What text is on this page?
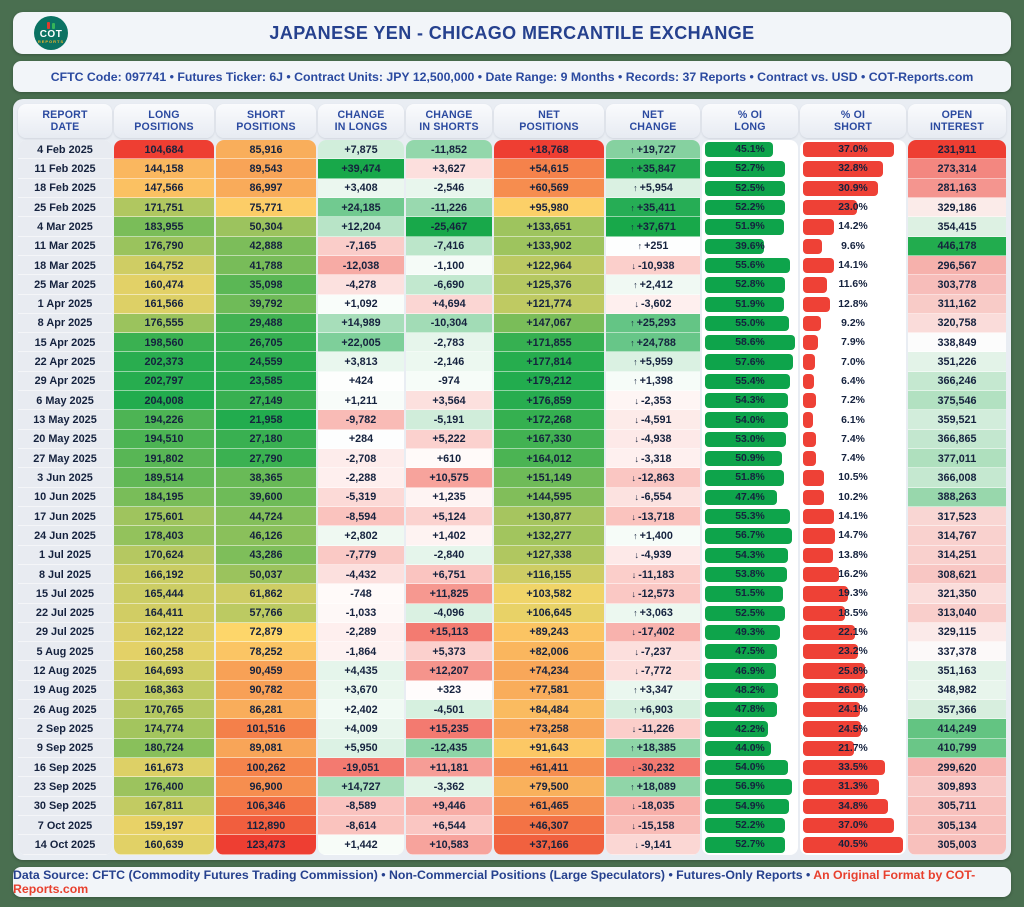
COT
REPORTS	JAPANESE YEN - CHICAGO MERCANTILE EXCHANGE
CFTC Code: 097741 • Futures Ticker: 6J • Contract Units: JPY 12,500,000 • Date Range: 9 Months • Records: 37 Reports • Contract vs. USD • COT-Reports.com
REPORT
DATE
4 Feb 2025
11 Feb 2025
18 Feb 2025
25 Feb 2025
4 Mar 2025
11 Mar 2025
18 Mar 2025
25 Mar 2025
1 Apr 2025
8 Apr 2025
15 Apr 2025
22 Apr 2025
29 Apr 2025
6 May 2025
13 May 2025
20 May 2025
27 May 2025
3 Jun 2025
10 Jun 2025
17 Jun 2025
24 Jun 2025
1 Jul 2025
8 Jul 2025
15 Jul 2025
22 Jul 2025
29 Jul 2025
5 Aug 2025
12 Aug 2025
19 Aug 2025
26 Aug 2025
2 Sep 2025
9 Sep 2025
16 Sep 2025
23 Sep 2025
30 Sep 2025
7 Oct 2025
14 Oct 2025
LONG
POSITIONS
104,684
144,158
147,566
171,751
183,955
176,790
164,752
160,474
161,566
176,555
198,560
202,373
202,797
204,008
194,226
194,510
191,802
189,514
184,195
175,601
178,403
170,624
166,192
165,444
164,411
162,122
160,258
164,693
168,363
170,765
174,774
180,724
161,673
176,400
167,811
159,197
160,639
SHORT
POSITIONS
85,916
89,543
86,997
75,771
50,304
42,888
41,788
35,098
39,792
29,488
26,705
24,559
23,585
27,149
21,958
27,180
27,790
38,365
39,600
44,724
46,126
43,286
50,037
61,862
57,766
72,879
78,252
90,459
90,782
86,281
101,516
89,081
100,262
96,900
106,346
112,890
123,473
CHANGE
IN LONGS
+7,875
+39,474
+3,408
+24,185
+12,204
-7,165
-12,038
-4,278
+1,092
+14,989
+22,005
+3,813
+424
+1,211
-9,782
+284
-2,708
-2,288
-5,319
-8,594
+2,802
-7,779
-4,432
-748
-1,033
-2,289
-1,864
+4,435
+3,670
+2,402
+4,009
+5,950
-19,051
+14,727
-8,589
-8,614
+1,442
CHANGE
IN SHORTS
-11,852
+3,627
-2,546
-11,226
-25,467
-7,416
-1,100
-6,690
+4,694
-10,304
-2,783
-2,146
-974
+3,564
-5,191
+5,222
+610
+10,575
+1,235
+5,124
+1,402
-2,840
+6,751
+11,825
-4,096
+15,113
+5,373
+12,207
+323
-4,501
+15,235
-12,435
+11,181
-3,362
+9,446
+6,544
+10,583
NET
POSITIONS
+18,768
+54,615
+60,569
+95,980
+133,651
+133,902
+122,964
+125,376
+121,774
+147,067
+171,855
+177,814
+179,212
+176,859
+172,268
+167,330
+164,012
+151,149
+144,595
+130,877
+132,277
+127,338
+116,155
+103,582
+106,645
+89,243
+82,006
+74,234
+77,581
+84,484
+73,258
+91,643
+61,411
+79,500
+61,465
+46,307
+37,166
NET
CHANGE
↑ +19,727
↑ +35,847
↑ +5,954
↑ +35,411
↑ +37,671
↑ +251
↓ -10,938
↑ +2,412
↓ -3,602
↑ +25,293
↑ +24,788
↑ +5,959
↑ +1,398
↓ -2,353
↓ -4,591
↓ -4,938
↓ -3,318
↓ -12,863
↓ -6,554
↓ -13,718
↑ +1,400
↓ -4,939
↓ -11,183
↓ -12,573
↑ +3,063
↓ -17,402
↓ -7,237
↓ -7,772
↑ +3,347
↑ +6,903
↓ -11,226
↑ +18,385
↓ -30,232
↑ +18,089
↓ -18,035
↓ -15,158
↓ -9,141
% OI
LONG
45.1%
52.7%
52.5%
52.2%
51.9%
39.6%
55.6%
52.8%
51.9%
55.0%
58.6%
57.6%
55.4%
54.3%
54.0%
53.0%
50.9%
51.8%
47.4%
55.3%
56.7%
54.3%
53.8%
51.5%
52.5%
49.3%
47.5%
46.9%
48.2%
47.8%
42.2%
44.0%
54.0%
56.9%
54.9%
52.2%
52.7%
% OI
SHORT
37.0%
32.8%
30.9%
23.0%
14.2%
9.6%
14.1%
11.6%
12.8%
9.2%
7.9%
7.0%
6.4%
7.2%
6.1%
7.4%
7.4%
10.5%
10.2%
14.1%
14.7%
13.8%
16.2%
19.3%
18.5%
22.1%
23.2%
25.8%
26.0%
24.1%
24.5%
21.7%
33.5%
31.3%
34.8%
37.0%
40.5%
OPEN
INTEREST
231,911
273,314
281,163
329,186
354,415
446,178
296,567
303,778
311,162
320,758
338,849
351,226
366,246
375,546
359,521
366,865
377,011
366,008
388,263
317,523
314,767
314,251
308,621
321,350
313,040
329,115
337,378
351,163
348,982
357,366
414,249
410,799
299,620
309,893
305,711
305,134
305,003
Data Source: CFTC (Commodity Futures Trading Commission) • Non-Commercial Positions (Large Speculators) • Futures-Only Reports • An Original Format by COT-Reports.com
